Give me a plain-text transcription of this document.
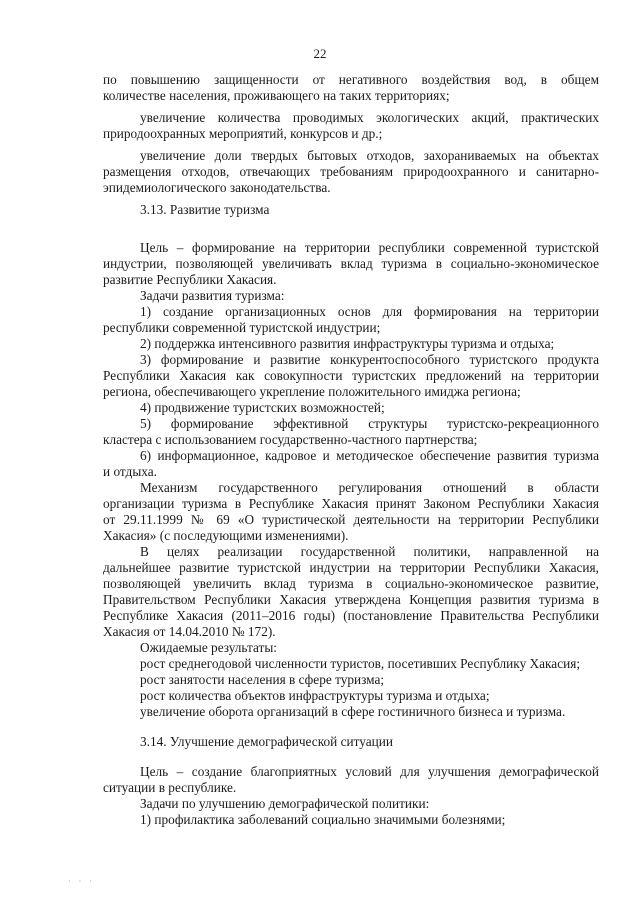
22
по повышению защищенности от негативного воздействия вод, в общем
количестве населения, проживающего на таких территориях;
увеличение количества проводимых экологических акций, практических
природоохранных мероприятий, конкурсов и др.;
увеличение доли твердых бытовых отходов, захораниваемых на объектах
размещения отходов, отвечающих требованиям природоохранного и санитарно-
эпидемиологического законодательства.
Цель – формирование на территории республики современной туристской
индустрии, позволяющей увеличивать вклад туризма в социально-экономическое
развитие Республики Хакасия.
Задачи развития туризма:
1) создание организационных основ для формирования на территории
республики современной туристской индустрии;
2) поддержка интенсивного развития инфраструктуры туризма и отдыха;
3) формирование и развитие конкурентоспособного туристского продукта
Республики Хакасия как совокупности туристских предложений на территории
региона, обеспечивающего укрепление положительного имиджа региона;
4) продвижение туристских возможностей;
5) формирование эффективной структуры туристско-рекреационного
кластера с использованием государственно-частного партнерства;
6) информационное, кадровое и методическое обеспечение развития туризма
и отдыха.
Механизм государственного регулирования отношений в области
организации туризма в Республике Хакасия принят Законом Республики Хакасия
от 29.11.1999 № 69 «О туристической деятельности на территории Республики
Хакасия» (с последующими изменениями).
В целях реализации государственной политики, направленной на
дальнейшее развитие туристской индустрии на территории Республики Хакасия,
позволяющей увеличить вклад туризма в социально-экономическое развитие,
Правительством Республики Хакасия утверждена Концепция развития туризма в
Республике Хакасия (2011–2016 годы) (постановление Правительства Республики
Хакасия от 14.04.2010 № 172).
Ожидаемые результаты:
рост среднегодовой численности туристов, посетивших Республику Хакасия;
рост занятости населения в сфере туризма;
рост количества объектов инфраструктуры туризма и отдыха;
увеличение оборота организаций в сфере гостиничного бизнеса и туризма.
Цель – создание благоприятных условий для улучшения демографической
ситуации в республике.
Задачи по улучшению демографической политики:
1) профилактика заболеваний социально значимыми болезнями;
3.13. Развитие туризма
3.14. Улучшение демографической ситуации
· · ·
